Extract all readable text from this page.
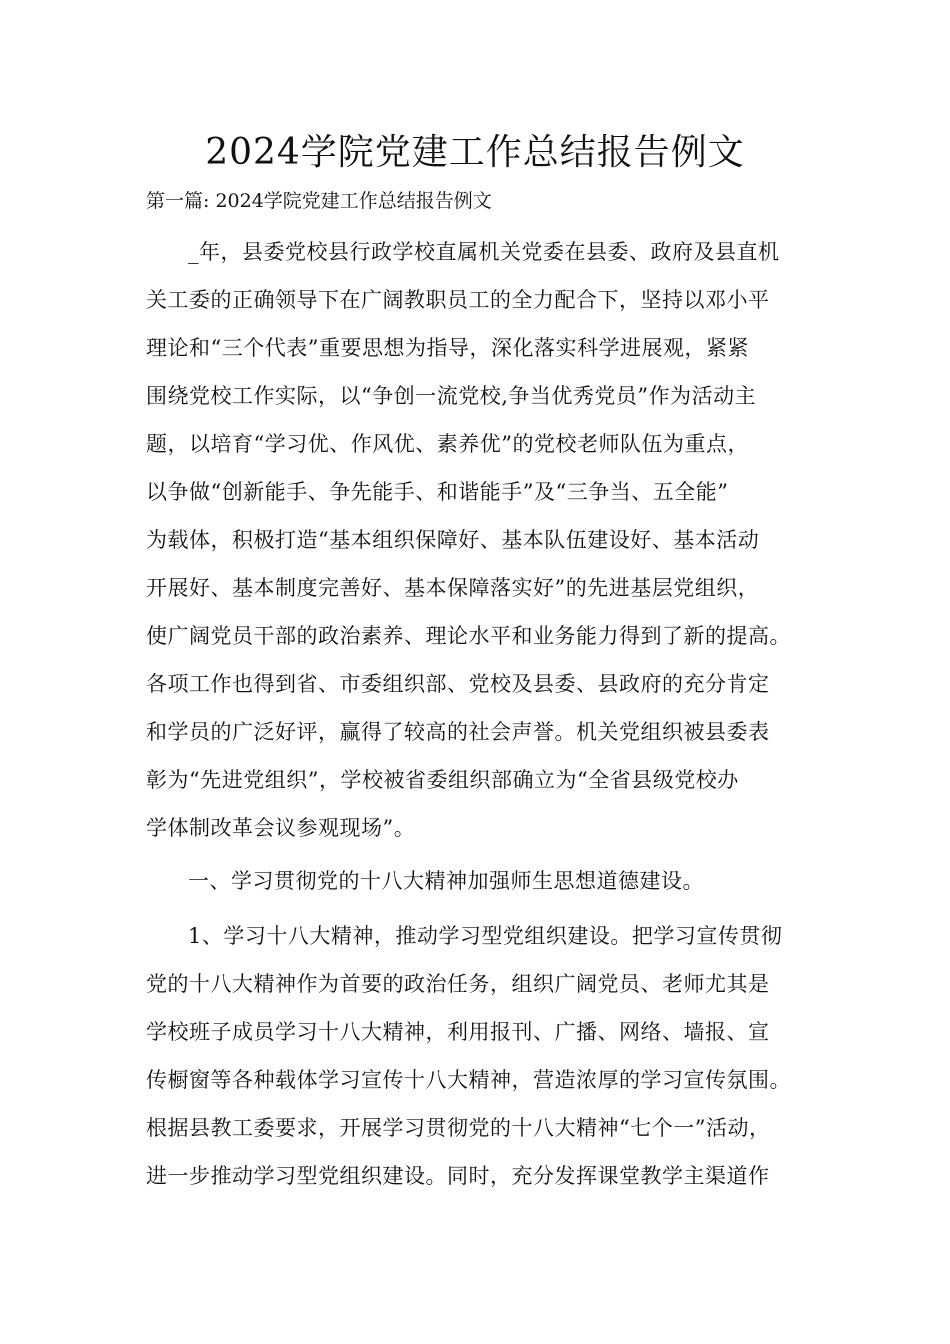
2024学院党建工作总结报告例文
第一篇: 2024学院党建工作总结报告例文
_年，县委党校县行政学校直属机关党委在县委、政府及县直机
关工委的正确领导下在广阔教职员工的全力配合下，坚持以邓小平
理论和“三个代表”重要思想为指导，深化落实科学进展观，紧紧
围绕党校工作实际，以“争创一流党校,争当优秀党员”作为活动主
题，以培育“学习优、作风优、素养优”的党校老师队伍为重点，
以争做“创新能手、争先能手、和谐能手”及“三争当、五全能”
为载体，积极打造“基本组织保障好、基本队伍建设好、基本活动
开展好、基本制度完善好、基本保障落实好”的先进基层党组织，
使广阔党员干部的政治素养、理论水平和业务能力得到了新的提高。
各项工作也得到省、市委组织部、党校及县委、县政府的充分肯定
和学员的广泛好评，赢得了较高的社会声誉。机关党组织被县委表
彰为“先进党组织”，学校被省委组织部确立为“全省县级党校办
学体制改革会议参观现场”。
一、学习贯彻党的十八大精神加强师生思想道德建设。
1、学习十八大精神，推动学习型党组织建设。把学习宣传贯彻
党的十八大精神作为首要的政治任务，组织广阔党员、老师尤其是
学校班子成员学习十八大精神，利用报刊、广播、网络、墙报、宣
传橱窗等各种载体学习宣传十八大精神，营造浓厚的学习宣传氛围。
根据县教工委要求，开展学习贯彻党的十八大精神“七个一”活动，
进一步推动学习型党组织建设。同时，充分发挥课堂教学主渠道作
